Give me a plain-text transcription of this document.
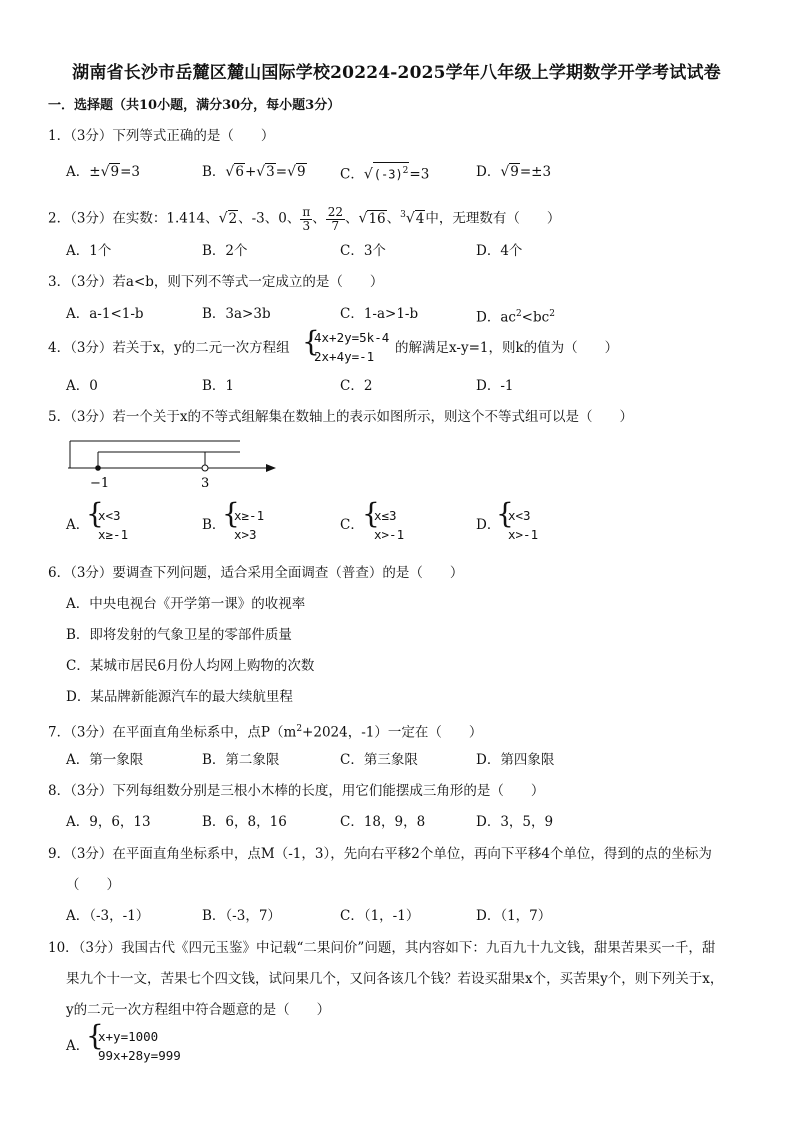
湖南省长沙市岳麓区麓山国际学校20224-2025学年八年级上学期数学开学考试试卷
一．选择题（共10小题，满分30分，每小题3分）
1．（3分）下列等式正确的是（　　）
A．±√9=3	B．√6+√3=√9	C．$√(-3)^2=3$	D．√9=±3
2．（3分）在实数：1.414、√2、-3、0、 $\frac{\pi}{3}$ 、 $\frac{22}{7}$ 、√16、$^3$√4中，无理数有（　　）
A．1个	B．2个	C．3个	D．4个
3．（3分）若a<b，则下列不等式一定成立的是（　　）
A．a-1<1-b	B．3a>3b	C．1-a>1-b	D．$ac^2<bc^2$
4．（3分）若关于x，y的二元一次方程组 {
4x+2y=5k-4
2x+4y=-1
的解满足x-y=1，则k的值为（　　）
A．0	B．1	C．2	D．-1
5．（3分）若一个关于x的不等式组解集在数轴上的表示如图所示，则这个不等式组可以是（　　）
−1	3
A．
{
x<3
x≥-1
B．
{
x≥-1
x>3
C．
{
x≤3
x>-1
D．
{
x<3
x>-1
6．（3分）要调查下列问题，适合采用全面调查（普查）的是（　　）
A．中央电视台《开学第一课》的收视率
B．即将发射的气象卫星的零部件质量
C．某城市居民6月份人均网上购物的次数
D．某品牌新能源汽车的最大续航里程
7．（3分）在平面直角坐标系中，点$P(m^2+2024$，-1）一定在（　　）
A．第一象限	B．第二象限	C．第三象限	D．第四象限
8．（3分）下列每组数分别是三根小木棒的长度，用它们能摆成三角形的是（　　）
A．9，6，13	B．6，8，16	C．18，9，8	D．3，5，9
9．（3分）在平面直角坐标系中，点M（-1，3），先向右平移2个单位，再向下平移4个单位，得到的点的坐标为
（　　）
A．（-3，-1）	B．（-3，7）	C．（1，-1）	D．（1，7）
10．（3分）我国古代《四元玉鉴》中记载“二果问价”问题，其内容如下：九百九十九文钱，甜果苦果买一千，甜
果九个十一文，苦果七个四文钱，试问果几个，又问各该几个钱？若设买甜果x个，买苦果y个，则下列关于x，
y的二元一次方程组中符合题意的是（　　）
A．
{
x+y=1000
99x+28y=999
